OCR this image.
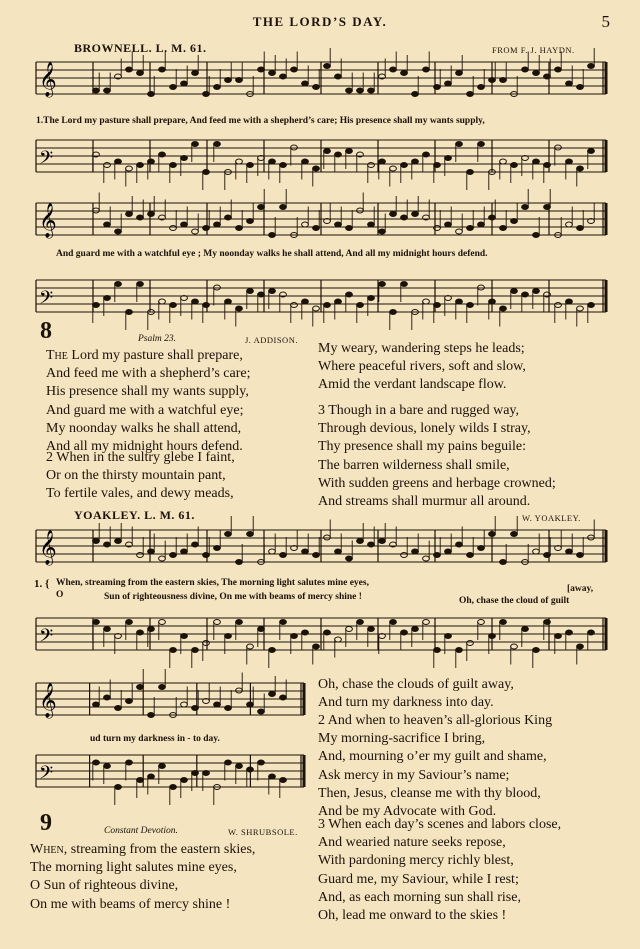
THE LORD’S DAY.	5
BROWNELL. L. M. 61.	FROM F. J. HAYDN.
𝄞
𝄢
𝄞
𝄢
𝄞
𝄢
𝄞
𝄢
1.The Lord my pasture shall prepare, And feed me with a shepherd’s care; His presence shall my wants supply,
And guard me with a watchful eye ; My noonday walks he shall attend, And all my midnight hours defend.
8	Psalm 23.	J. ADDISON.
The Lord my pasture shall prepare,
And feed me with a shepherd’s care;
His presence shall my wants supply,
And guard me with a watchful eye;
My noonday walks he shall attend,
And all my midnight hours defend.
2 When in the sultry glebe I faint,
Or on the thirsty mountain pant,
To fertile vales, and dewy meads,
My weary, wandering steps he leads;
Where peaceful rivers, soft and slow,
Amid the verdant landscape flow.
3 Though in a bare and rugged way,
Through devious, lonely wilds I stray,
Thy presence shall my pains beguile:
The barren wilderness shall smile,
With sudden greens and herbage crowned;
And streams shall murmur all around.
YOAKLEY. L. M. 61.	W. YOAKLEY.
1. { When, streaming from the eastern skies, The morning light salutes mine eyes,
O	Sun of righteousness divine, On me with beams of mercy shine !
[away,
Oh, chase the cloud of guilt
ud turn my darkness in - to day.
Oh, chase the clouds of guilt away,
And turn my darkness into day.
2 And when to heaven’s all-glorious King
My morning-sacrifice I bring,
And, mourning o’er my guilt and shame,
Ask mercy in my Saviour’s name;
Then, Jesus, cleanse me with thy blood,
And be my Advocate with God.
3 When each day’s scenes and labors close,
And wearied nature seeks repose,
With pardoning mercy richly blest,
Guard me, my Saviour, while I rest;
And, as each morning sun shall rise,
Oh, lead me onward to the skies !
9	Constant Devotion.	W. SHRUBSOLE.
When, streaming from the eastern skies,
The morning light salutes mine eyes,
O Sun of righteous divine,
On me with beams of mercy shine !
